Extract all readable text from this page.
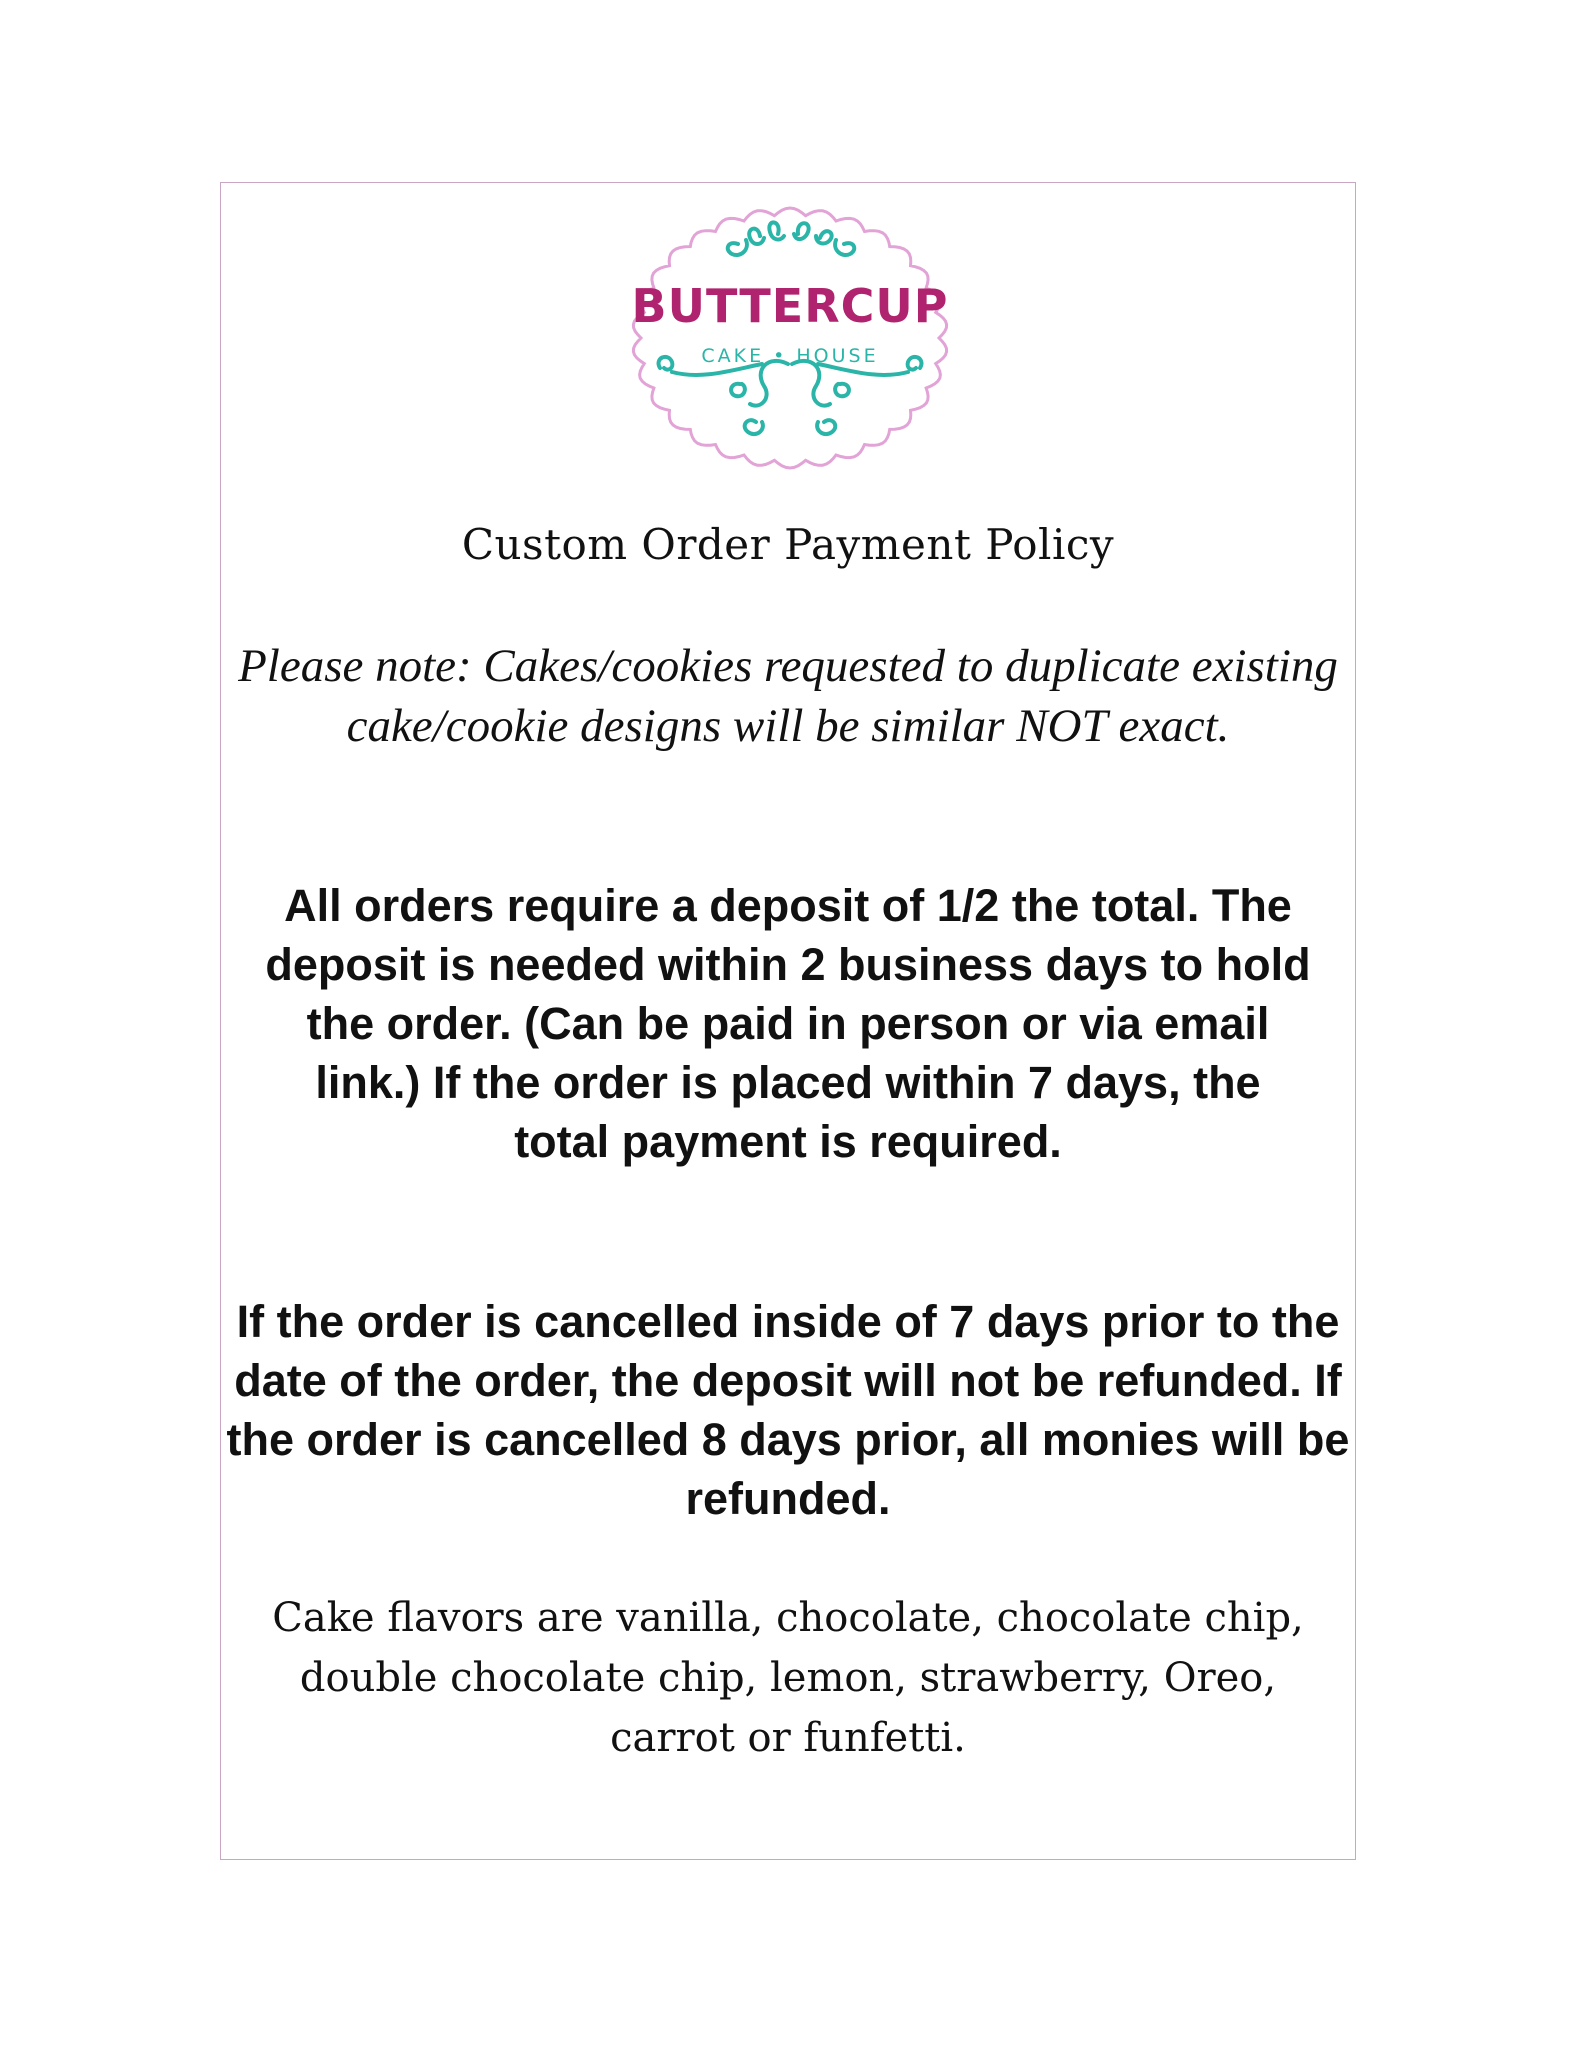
BUTTERCUP
CAKE • HOUSE

Custom Order Payment Policy

Please note: Cakes/cookies requested to duplicate existing cake/cookie designs will be similar NOT exact.

All orders require a deposit of 1/2 the total. The deposit is needed within 2 business days to hold the order. (Can be paid in person or via email link.) If the order is placed within 7 days, the total payment is required.

If the order is cancelled inside of 7 days prior to the date of the order, the deposit will not be refunded. If the order is cancelled 8 days prior, all monies will be refunded.

Cake flavors are vanilla, chocolate, chocolate chip, double chocolate chip, lemon, strawberry, Oreo, carrot or funfetti.
